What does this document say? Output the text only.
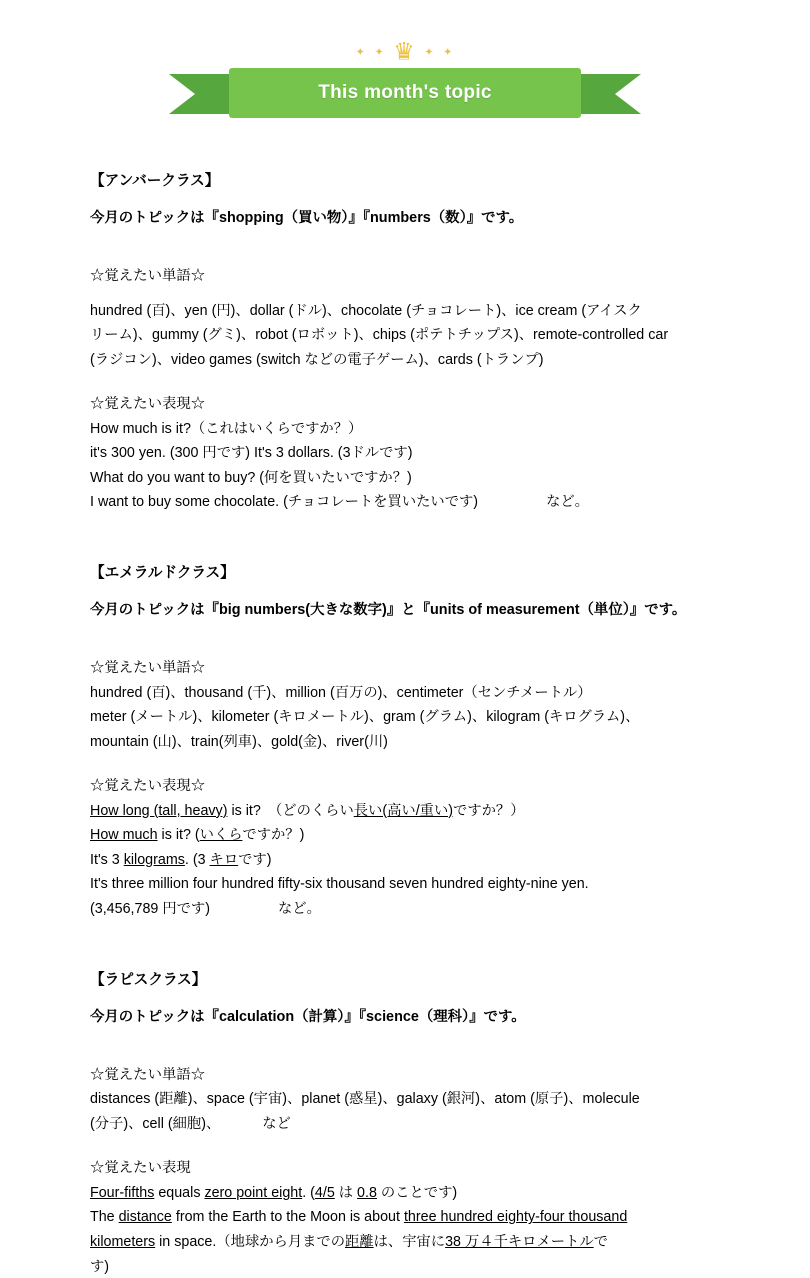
✦ ✦ ♛ ✦ ✦
This month's topic
【アンバークラス】

今月のトピックは『shopping（買い物）』『numbers（数）』です。

☆覚えたい単語☆

hundred (百)、yen (円)、dollar (ドル)、chocolate (チョコレート)、ice cream (アイスク

リーム)、gummy (グミ)、robot (ロボット)、chips (ポテトチップス)、remote-controlled car

(ラジコン)、video games (switch などの電子ゲーム)、cards (トランプ)

☆覚えたい表現☆

How much is it?（これはいくらですか？）

it's 300 yen. (300 円です) It's 3 dollars. (3ドルです)

What do you want to buy? (何を買いたいですか？)

I want to buy some chocolate. (チョコレートを買いたいです)	など。

【エメラルドクラス】

今月のトピックは『big numbers(大きな数字)』と『units of measurement（単位）』です。

☆覚えたい単語☆

hundred (百)、thousand (千)、million (百万の)、centimeter（センチメートル）

meter (メートル)、kilometer (キロメートル)、gram (グラム)、kilogram (キログラム)、

mountain (山)、train(列車)、gold(金)、river(川)

☆覚えたい表現☆

How long (tall, heavy) is it?　（どのくらい長い(高い/重い)ですか？）

How much is it? (いくらですか？)

It's 3 kilograms. (3 キロです)

It's three million four hundred fifty-six thousand seven hundred eighty-nine yen.

(3,456,789 円です)	など。

【ラピスクラス】

今月のトピックは『calculation（計算）』『science（理科）』です。

☆覚えたい単語☆

distances (距離)、space (宇宙)、planet (惑星)、galaxy (銀河)、atom (原子)、molecule

(分子)、cell (細胞)、	など

☆覚えたい表現

Four-fifths equals zero point eight. (4/5 は 0.8 のことです)

The distance from the Earth to the Moon is about three hundred eighty-four thousand

kilometers in space.（地球から月までの距離は、宇宙に38 万４千キロメートルで

す)
